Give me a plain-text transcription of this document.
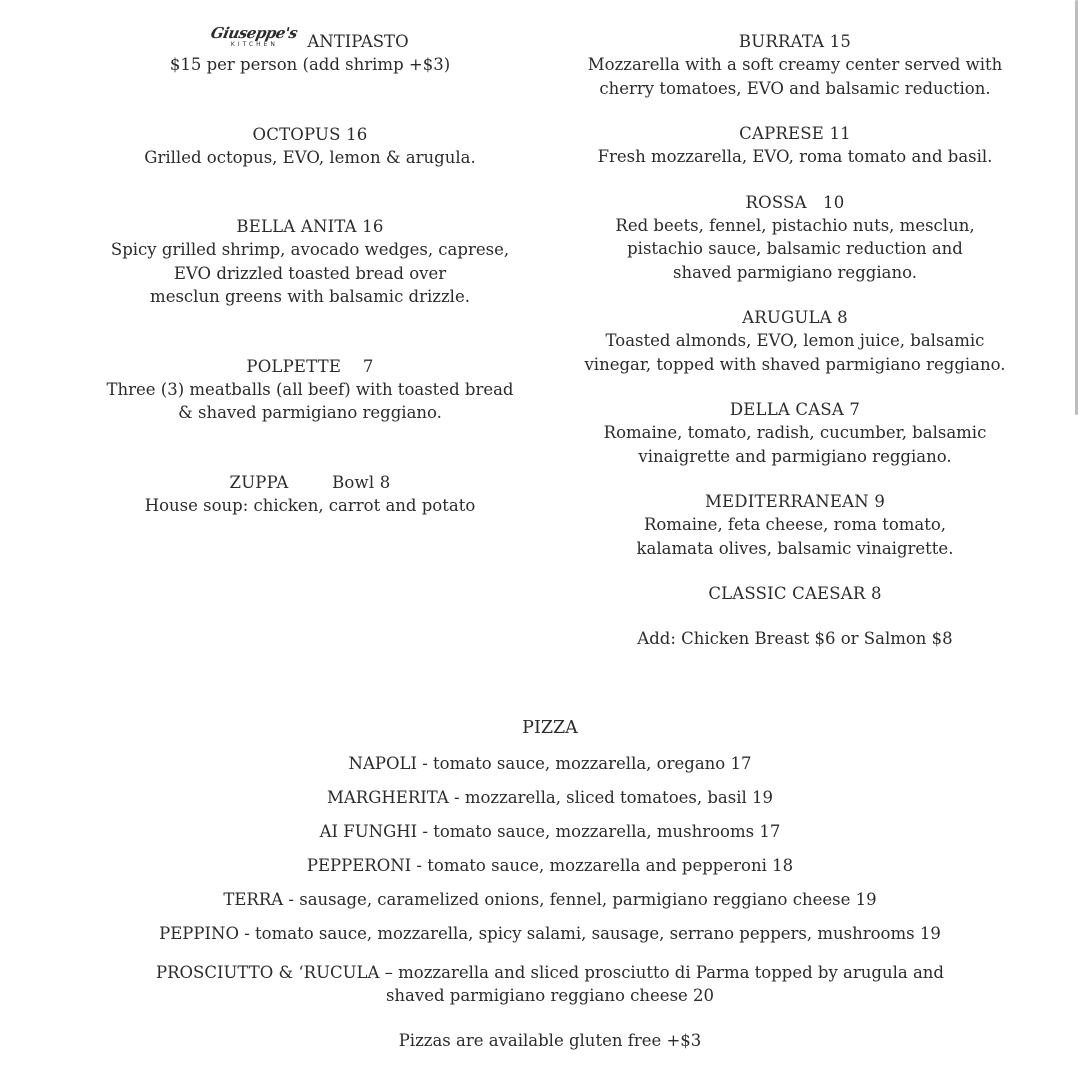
Giuseppe's
KITCHEN	ANTIPASTO
$15 per person (add shrimp +$3)
OCTOPUS 16
Grilled octopus, EVO, lemon & arugula.
BELLA ANITA 16
Spicy grilled shrimp, avocado wedges, caprese,
EVO drizzled toasted bread over
mesclun greens with balsamic drizzle.
POLPETTE    7
Three (3) meatballs (all beef) with toasted bread
& shaved parmigiano reggiano.
ZUPPA        Bowl 8
House soup: chicken, carrot and potato
BURRATA 15
Mozzarella with a soft creamy center served with
cherry tomatoes, EVO and balsamic reduction.
CAPRESE 11
Fresh mozzarella, EVO, roma tomato and basil.
ROSSA   10
Red beets, fennel, pistachio nuts, mesclun,
pistachio sauce, balsamic reduction and
shaved parmigiano reggiano.
ARUGULA 8
Toasted almonds, EVO, lemon juice, balsamic
vinegar, topped with shaved parmigiano reggiano.
DELLA CASA 7
Romaine, tomato, radish, cucumber, balsamic
vinaigrette and parmigiano reggiano.
MEDITERRANEAN 9
Romaine, feta cheese, roma tomato,
kalamata olives, balsamic vinaigrette.
CLASSIC CAESAR 8
Add: Chicken Breast $6 or Salmon $8
PIZZA
NAPOLI - tomato sauce, mozzarella, oregano 17
MARGHERITA - mozzarella, sliced tomatoes, basil 19
AI FUNGHI - tomato sauce, mozzarella, mushrooms 17
PEPPERONI - tomato sauce, mozzarella and pepperoni 18
TERRA - sausage, caramelized onions, fennel, parmigiano reggiano cheese 19
PEPPINO - tomato sauce, mozzarella, spicy salami, sausage, serrano peppers, mushrooms 19
PROSCIUTTO & ‘RUCULA – mozzarella and sliced prosciutto di Parma topped by arugula and
shaved parmigiano reggiano cheese 20
Pizzas are available gluten free +$3
